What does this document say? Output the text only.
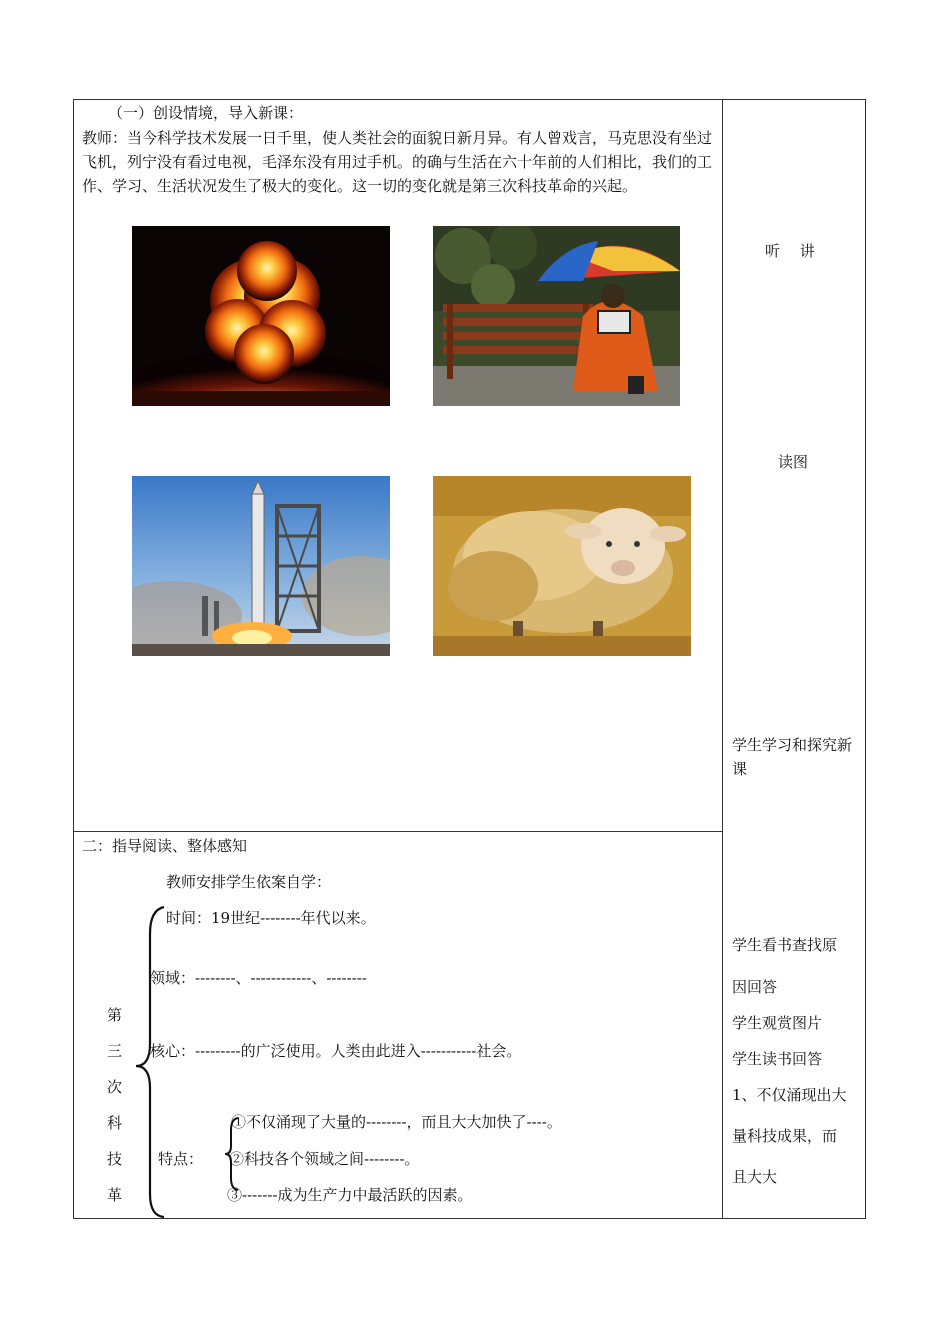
（一）创设情境，导入新课：
教师：当今科学技术发展一日千里，使人类社会的面貌日新月异。有人曾戏言，马克思没有坐过飞机，列宁没有看过电视，毛泽东没有用过手机。的确与生活在六十年前的人们相比，我们的工作、学习、生活状况发生了极大的变化。这一切的变化就是第三次科技革命的兴起。
听　 讲
读图
学生学习和探究新课
二：指导阅读、整体感知
教师安排学生依案自学：
第
三
次
科
技
革
时间：19世纪--------年代以来。
领域：--------、------------、--------
核心：---------的广泛使用。人类由此进入-----------社会。
特点：
①不仅涌现了大量的--------，而且大大加快了----。
②科技各个领域之间--------。
③-------成为生产力中最活跃的因素。
学生看书查找原
因回答
学生观赏图片
学生读书回答
1、不仅涌现出大
量科技成果，而
且大大
